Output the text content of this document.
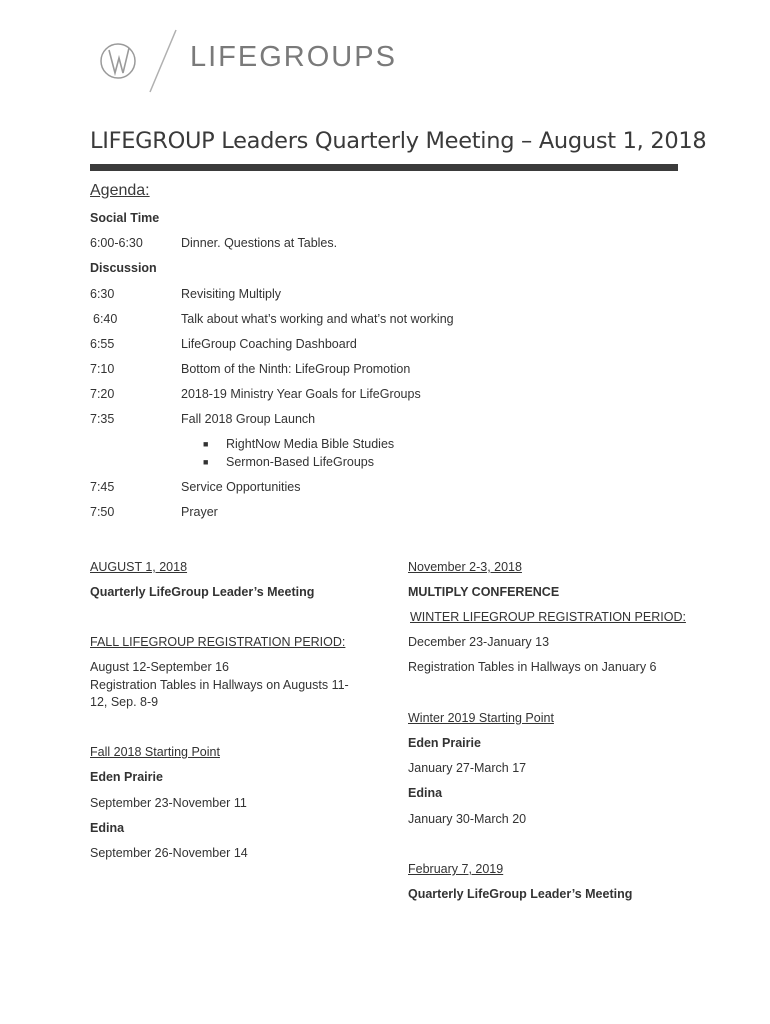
LIFEGROUPS
LIFEGROUP Leaders Quarterly Meeting – August 1, 2018
Agenda:
Social Time
6:00-6:30	Dinner. Questions at Tables.
Discussion
6:30	Revisiting Multiply
6:40	Talk about what’s working and what’s not working
6:55	LifeGroup Coaching Dashboard
7:10	Bottom of the Ninth: LifeGroup Promotion
7:20	2018-19 Ministry Year Goals for LifeGroups
7:35	Fall 2018 Group Launch
■ RightNow Media Bible Studies
■ Sermon-Based LifeGroups
7:45	Service Opportunities
7:50	Prayer
AUGUST 1, 2018
Quarterly LifeGroup Leader’s Meeting
FALL LIFEGROUP REGISTRATION PERIOD:
August 12-September 16
Registration Tables in Hallways on Augusts 11-12, Sep. 8-9
Fall 2018 Starting Point
Eden Prairie
September 23-November 11
Edina
September 26-November 14
November 2-3, 2018
MULTIPLY CONFERENCE
WINTER LIFEGROUP REGISTRATION PERIOD:
December 23-January 13
Registration Tables in Hallways on January 6
Winter 2019 Starting Point
Eden Prairie
January 27-March 17
Edina
January 30-March 20
February 7, 2019
Quarterly LifeGroup Leader’s Meeting
